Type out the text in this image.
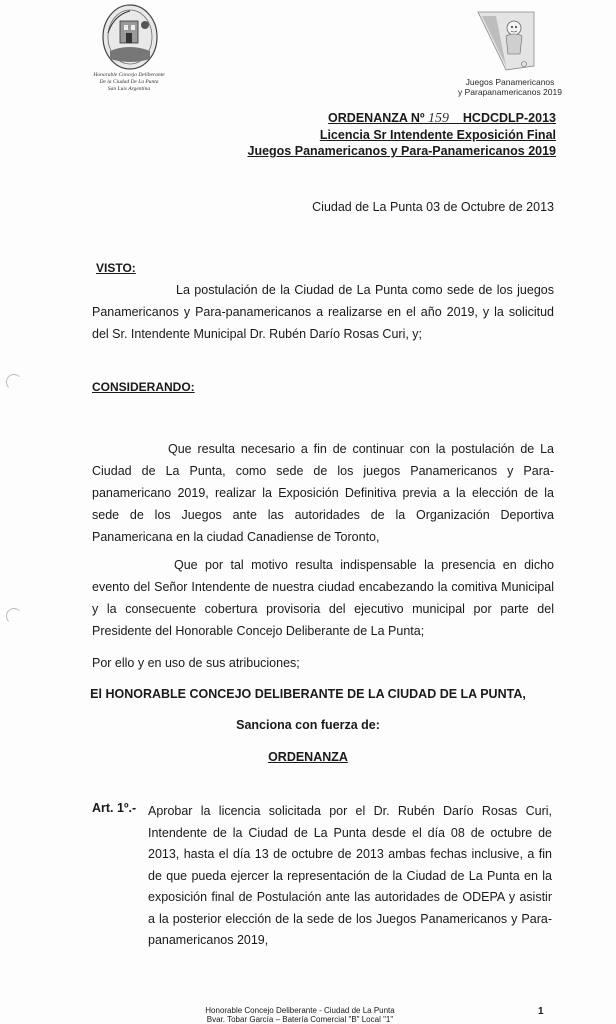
Honorable Concejo Deliberante
De la Ciudad De La Punta
San Luis Argentina
Juegos Panamericanos
y Parapanamericanos 2019
ORDENANZA Nº 159 HCDCDLP-2013
Licencia Sr Intendente Exposición Final
Juegos Panamericanos y Para-Panamericanos 2019
Ciudad de La Punta 03 de Octubre de 2013
VISTO:
La postulación de la Ciudad de La Punta como sede de los juegos Panamericanos y Para-panamericanos a realizarse en el año 2019, y la solicitud del Sr. Intendente Municipal Dr. Rubén Darío Rosas Curi, y;
CONSIDERANDO:
Que resulta necesario a fin de continuar con la postulación de La Ciudad de La Punta, como sede de los juegos Panamericanos y Para-panamericano 2019, realizar la Exposición Definitiva previa a la elección de la sede de los Juegos ante las autoridades de la Organización Deportiva Panamericana en la ciudad Canadiense de Toronto,
Que por tal motivo resulta indispensable la presencia en dicho evento del Señor Intendente de nuestra ciudad encabezando la comitiva Municipal y la consecuente cobertura provisoria del ejecutivo municipal por parte del Presidente del Honorable Concejo Deliberante de La Punta;
Por ello y en uso de sus atribuciones;
El HONORABLE CONCEJO DELIBERANTE DE LA CIUDAD DE LA PUNTA,
Sanciona con fuerza de:
ORDENANZA
Art. 1º.- Aprobar la licencia solicitada por el Dr. Rubén Darío Rosas Curi, Intendente de la Ciudad de La Punta desde el día 08 de octubre de 2013, hasta el día 13 de octubre de 2013 ambas fechas inclusive, a fin de que pueda ejercer la representación de la Ciudad de La Punta en la exposición final de Postulación ante las autoridades de ODEPA y asistir a la posterior elección de la sede de los Juegos Panamericanos y Para-panamericanos 2019,
Honorable Concejo Deliberante - Ciudad de La Punta
Bvar. Tobar García – Batería Comercial "B" Local "1"
1
